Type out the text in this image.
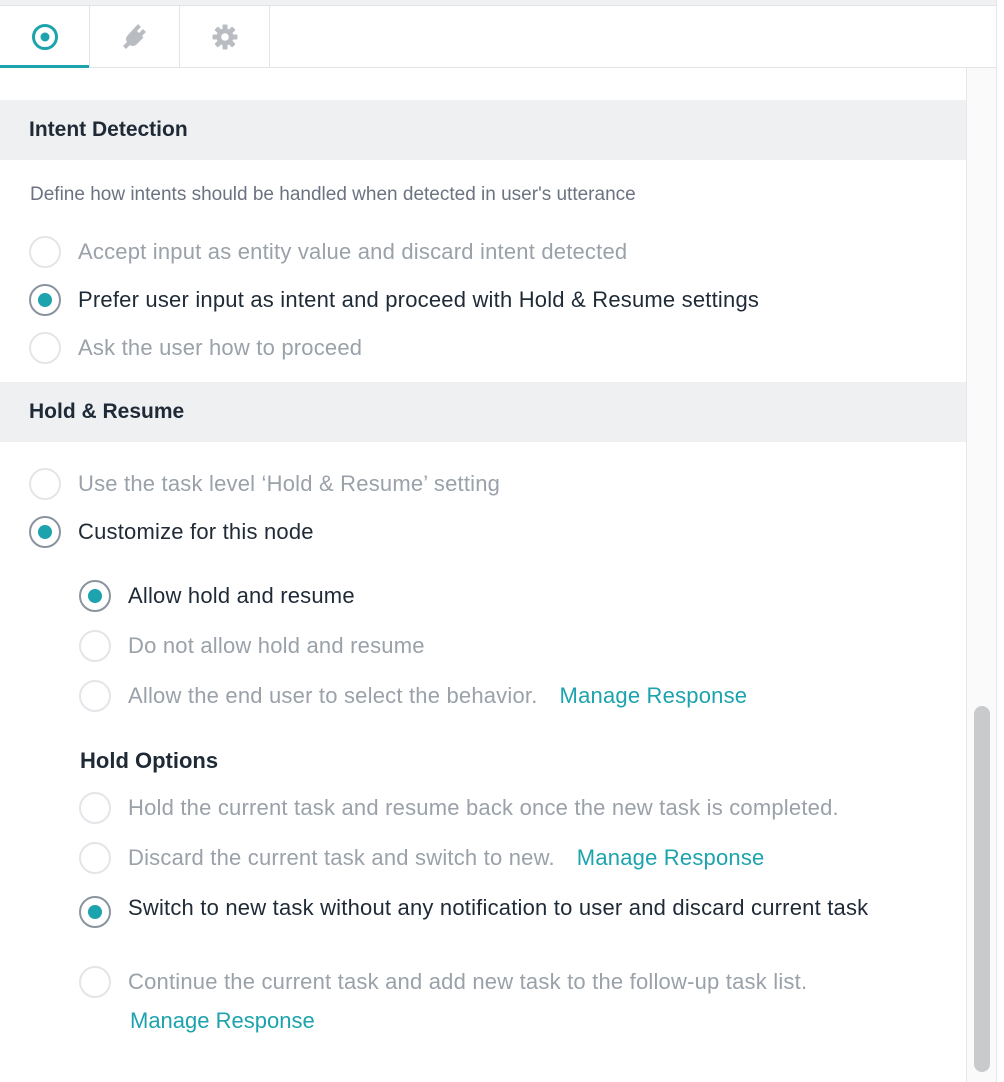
Intent Detection
Define how intents should be handled when detected in user's utterance
Accept input as entity value and discard intent detected
Prefer user input as intent and proceed with Hold & Resume settings
Ask the user how to proceed
Hold & Resume
Use the task level ‘Hold & Resume’ setting
Customize for this node
Allow hold and resume
Do not allow hold and resume
Allow the end user to select the behavior. Manage Response
Hold Options
Hold the current task and resume back once the new task is completed.
Discard the current task and switch to new. Manage Response
Switch to new task without any notification to user and discard current task
Continue the current task and add new task to the follow-up task list.
Manage Response
